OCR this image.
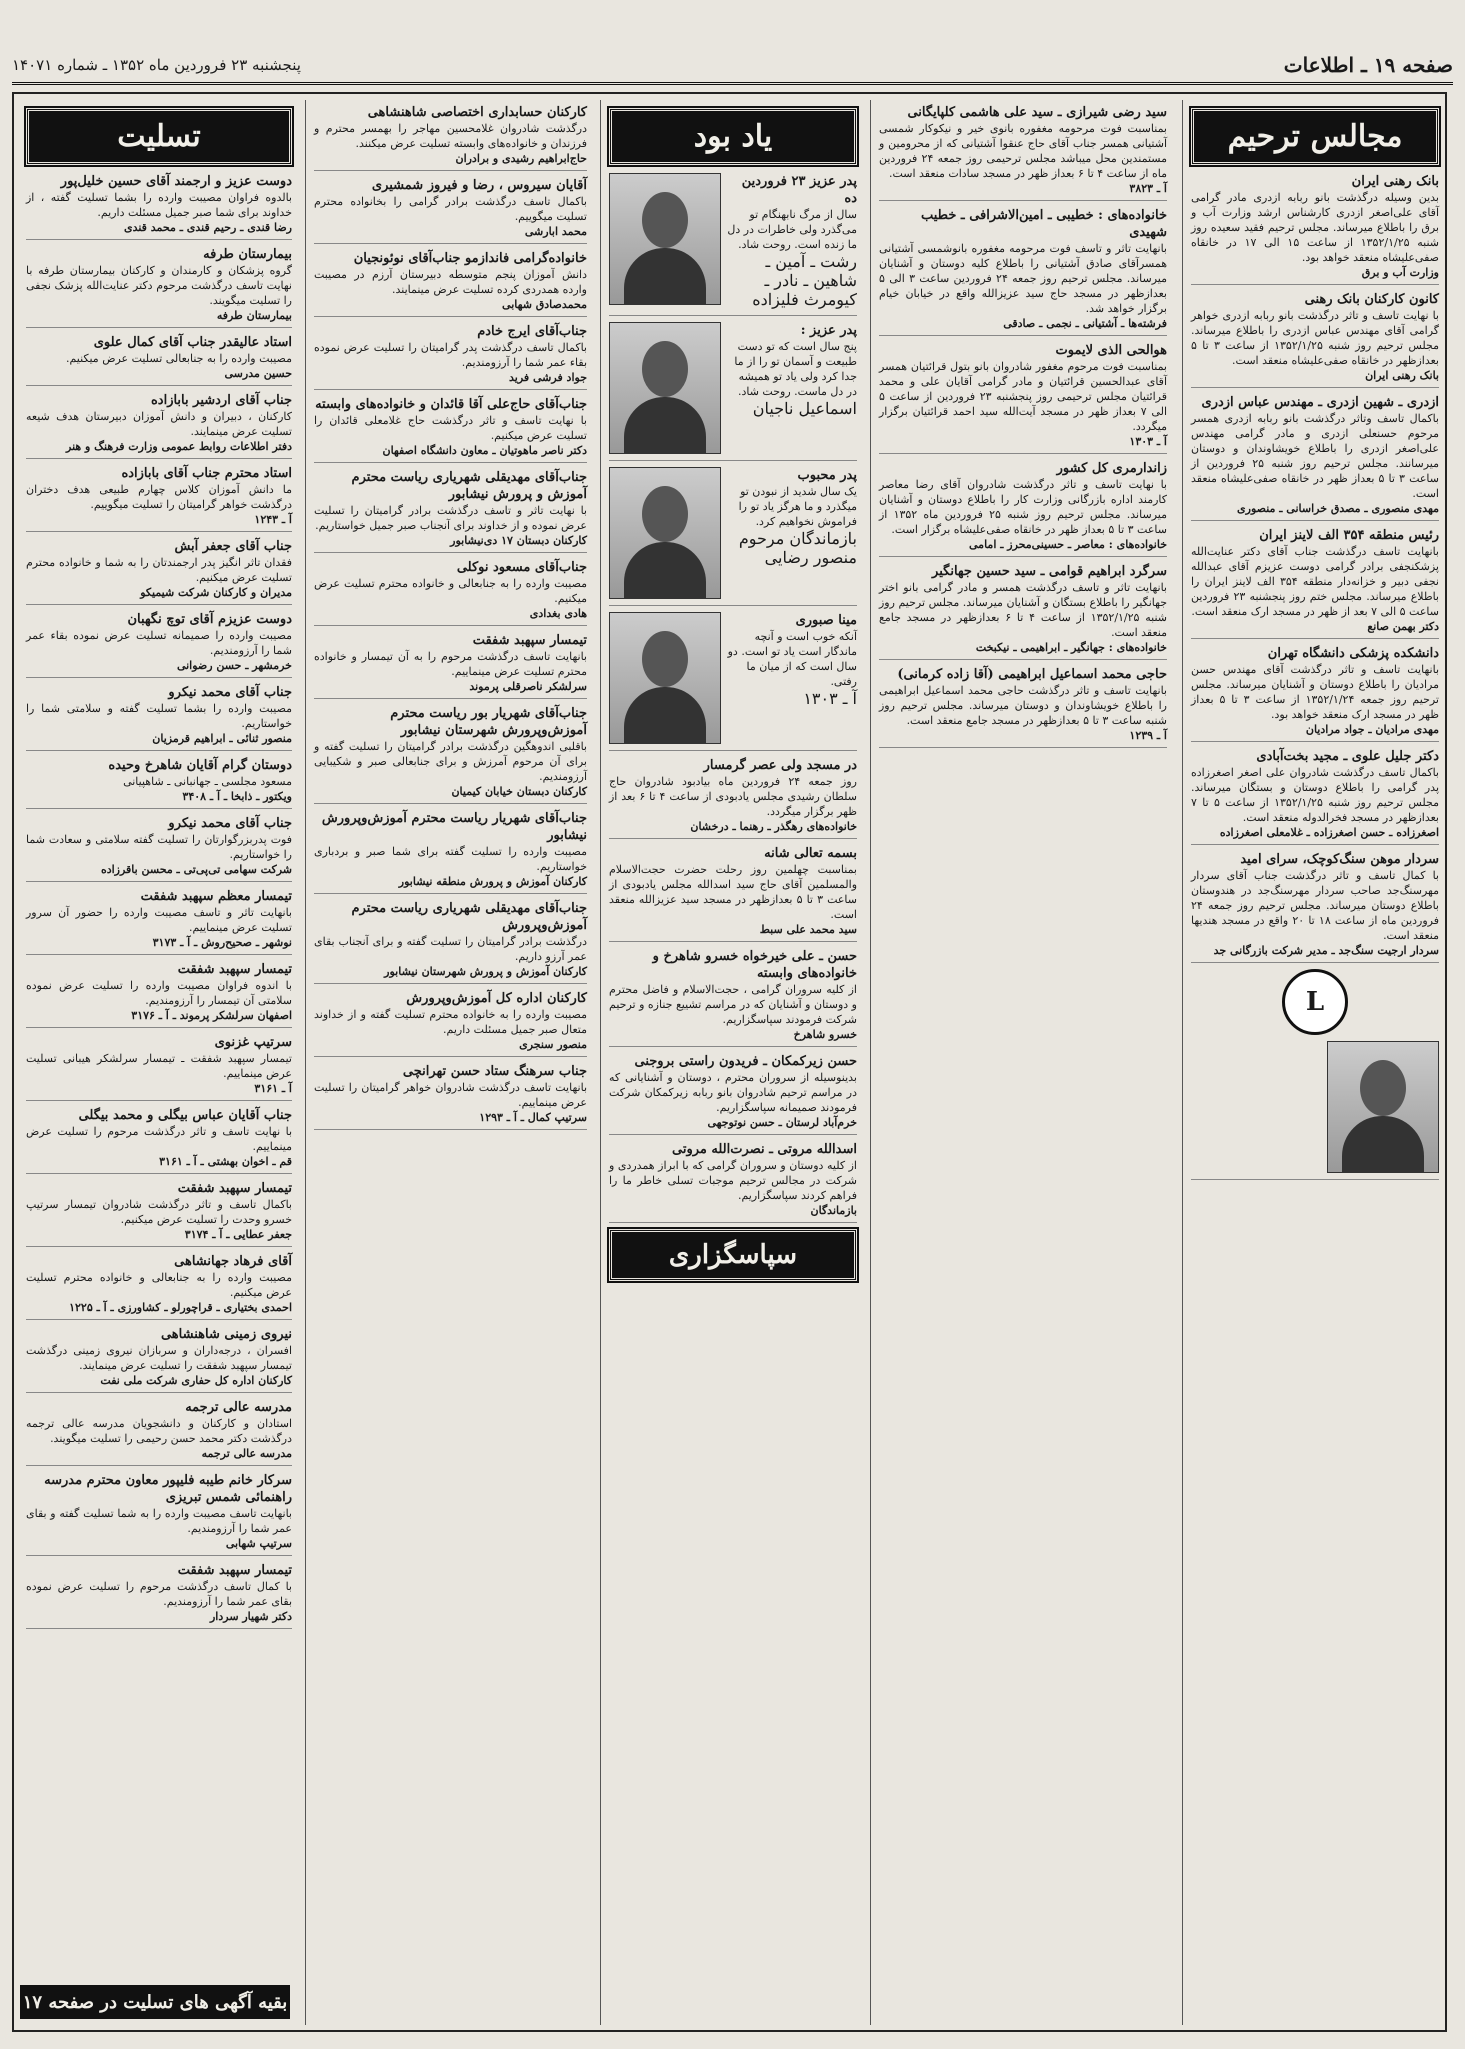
صفحه ۱۹ ـ اطلاعات
پنجشنبه ۲۳ فروردین ماه ۱۳۵۲ ـ شماره ۱۴۰۷۱
مجالس ترحیم
بانک رهنی ایران
بدین وسیله درگذشت بانو ربابه ازدری مادر گرامی آقای علی‌اصغر ازدری کارشناس ارشد وزارت آب و برق را باطلاع میرساند. مجلس ترحیم فقید سعیده روز شنبه ۱۳۵۲/۱/۲۵ از ساعت ۱۵ الی ۱۷ در خانقاه صفی‌علیشاه منعقد خواهد بود.
وزارت آب و برق
کانون کارکنان بانک رهنی
با نهایت تاسف و تاثر درگذشت بانو ربابه ازدری خواهر گرامی آقای مهندس عباس ازدری را باطلاع میرساند. مجلس ترحیم روز شنبه ۱۳۵۲/۱/۲۵ از ساعت ۳ تا ۵ بعدازظهر در خانقاه صفی‌علیشاه منعقد است.
بانک رهنی ایران
ازدری ـ شهین ازدری ـ مهندس عباس ازدری
باکمال تاسف وتاثر درگذشت بانو ربابه ازدری همسر مرحوم حسنعلی ازدری و مادر گرامی مهندس علی‌اصغر ازدری را باطلاع خویشاوندان و دوستان میرسانند. مجلس ترحیم روز شنبه ۲۵ فروردین از ساعت ۳ تا ۵ بعداز ظهر در خانقاه صفی‌علیشاه منعقد است.
مهدی منصوری ـ مصدق خراسانی ـ منصوری
رئیس منطقه ۳۵۴ الف لاینز ایران
بانهایت تاسف درگذشت جناب آقای دکتر عنایت‌الله پزشکنجفی برادر گرامی دوست عزیزم آقای عبدالله نجفی دبیر و خزانه‌دار منطقه ۳۵۴ الف لاینز ایران را باطلاع میرساند. مجلس ختم روز پنجشنبه ۲۳ فروردین ساعت ۵ الی ۷ بعد از ظهر در مسجد ارک منعقد است.
دکتر بهمن صانع
دانشکده پزشکی دانشگاه تهران
بانهایت تاسف و تاثر درگذشت آقای مهندس حسن مرادیان را باطلاع دوستان و آشنایان میرساند. مجلس ترحیم روز جمعه ۱۳۵۲/۱/۲۴ از ساعت ۳ تا ۵ بعداز ظهر در مسجد ارک منعقد خواهد بود.
مهدی مرادیان ـ جواد مرادیان
دکتر جلیل علوی ـ مجید بخت‌آبادی
باکمال تاسف درگذشت شادروان علی اصغر اصغرزاده پدر گرامی را باطلاع دوستان و بستگان میرساند. مجلس ترحیم روز شنبه ۱۳۵۲/۱/۲۵ از ساعت ۵ تا ۷ بعدازظهر در مسجد فخرالدوله منعقد است.
اصغرزاده ـ حسن اصغرزاده ـ غلامعلی اصغرزاده
سردار موهن سنگ‌کوچک، سرای امید
با کمال تاسف و تاثر درگذشت جناب آقای سردار مهرسنگ‌جد صاحب سردار مهرسنگ‌جد در هندوستان باطلاع دوستان میرساند. مجلس ترحیم روز جمعه ۲۴ فروردین ماه از ساعت ۱۸ تا ۲۰ واقع در مسجد هندیها منعقد است.
سردار ارجیت سنگ‌جد ـ مدیر شرکت بازرگانی جد
L
سید رضی شیرازی ـ سید علی هاشمی کلپایگانی
بمناسبت فوت مرحومه مغفوره بانوی خیر و نیکوکار شمسی آشتیانی همسر جناب آقای حاج عنقوا آشتیانی که از محرومین و مستمندین محل میباشد مجلس ترحیمی روز جمعه ۲۴ فروردین ماه از ساعت ۴ تا ۶ بعداز ظهر در مسجد سادات منعقد است.
آ ـ ۳۸۲۳
خانواده‌های : خطیبی ـ امین‌الاشرافی ـ خطیب شهیدی
بانهایت تاثر و تاسف فوت مرحومه مغفوره بانوشمسی آشتیانی همسرآقای صادق آشتیانی را باطلاع کلیه دوستان و آشنایان میرساند. مجلس ترحیم روز جمعه ۲۴ فروردین ساعت ۳ الی ۵ بعدازظهر در مسجد حاج سید عزیزالله واقع در خیابان خیام برگزار خواهد شد.
فرشته‌ها ـ آشتیانی ـ نجمی ـ صادقی
هوالحی الذی لایموت
بمناسبت فوت مرحوم مغفور شادروان بانو بتول قرائتیان همسر آقای عبدالحسین قرائتیان و مادر گرامی آقایان علی و محمد قرائتیان مجلس ترحیمی روز پنجشنبه ۲۳ فروردین از ساعت ۵ الی ۷ بعداز ظهر در مسجد آیت‌الله سید احمد قرائتیان برگزار میگردد.
آ ـ ۱۳۰۳
زاندارمری کل کشور
با نهایت تاسف و تاثر درگذشت شادروان آقای رضا معاصر کارمند اداره بازرگانی وزارت کار را باطلاع دوستان و آشنایان میرساند. مجلس ترحیم روز شنبه ۲۵ فروردین ماه ۱۳۵۲ از ساعت ۳ تا ۵ بعداز ظهر در خانقاه صفی‌علیشاه برگزار است.
خانواده‌های : معاصر ـ حسینی‌محرز ـ امامی
سرگرد ابراهیم قوامی ـ سید حسین جهانگیر
بانهایت تاثر و تاسف درگذشت همسر و مادر گرامی بانو اختر جهانگیر را باطلاع بستگان و آشنایان میرساند. مجلس ترحیم روز شنبه ۱۳۵۲/۱/۲۵ از ساعت ۴ تا ۶ بعدازظهر در مسجد جامع منعقد است.
خانواده‌های : جهانگیر ـ ابراهیمی ـ نیکبخت
حاجی محمد اسماعیل ابراهیمی (آقا زاده کرمانی)
بانهایت تاسف و تاثر درگذشت حاجی محمد اسماعیل ابراهیمی را باطلاع خویشاوندان و دوستان میرساند. مجلس ترحیم روز شنبه ساعت ۳ تا ۵ بعدازظهر در مسجد جامع منعقد است.
آ ـ ۱۲۳۹
یاد بود
پدر عزیز ۲۳ فروردین ده
سال از مرگ نابهنگام تو می‌گذرد ولی خاطرات در دل ما زنده است. روحت شاد.
رشت ـ آمین ـ شاهین ـ نادر ـ کیومرث فلیزاده
پدر عزیز :
پنج سال است که تو دست طبیعت و آسمان تو را از ما جدا کرد ولی یاد تو همیشه در دل ماست. روحت شاد.
اسماعیل ناجیان
پدر محبوب
یک سال شدید از نبودن تو میگذرد و ما هرگز یاد تو را فراموش نخواهیم کرد.
بازماندگان مرحوم منصور رضایی
مینا صبوری
آنکه خوب است و آنچه ماندگار است یاد تو است. دو سال است که از میان ما رفتی.
آ ـ ۱۳۰۳
در مسجد ولی عصر گرمسار
روز جمعه ۲۴ فروردین ماه بیادبود شادروان حاج سلطان رشیدی مجلس یادبودی از ساعت ۴ تا ۶ بعد از ظهر برگزار میگردد.
خانواده‌های رهگذر ـ رهنما ـ درخشان
بسمه تعالی شانه
بمناسبت چهلمین روز رحلت حضرت حجت‌الاسلام والمسلمین آقای حاج سید اسدالله مجلس یادبودی از ساعت ۳ تا ۵ بعدازظهر در مسجد سید عزیزالله منعقد است.
سید محمد علی سبط
حسن ـ علی خیرخواه خسرو شاهرخ و خانواده‌های وابسته
از کلیه سروران گرامی ، حجت‌الاسلام و فاضل محترم و دوستان و آشنایان که در مراسم تشییع جنازه و ترحیم شرکت فرمودند سپاسگزاریم.
خسرو شاهرخ
حسن زیرکمکان ـ فریدون راستی بروجنی
بدینوسیله از سروران محترم ، دوستان و آشنایانی که در مراسم ترحیم شادروان بانو ربابه زیرکمکان شرکت فرمودند صمیمانه سپاسگزاریم.
خرم‌آباد لرستان ـ حسن نوتوجهی
اسدالله مروتی ـ نصرت‌الله مروتی
از کلیه دوستان و سروران گرامی که با ابراز همدردی و شرکت در مجالس ترحیم موجبات تسلی خاطر ما را فراهم کردند سپاسگزاریم.
بازماندگان
سپاسگزاری
کارکنان حسابداری اختصاصی شاهنشاهی
درگذشت شادروان غلامحسین مهاجر را بهمسر محترم و فرزندان و خانواده‌های وابسته تسلیت عرض میکنند.
حاج‌ابراهیم رشیدی و برادران
آقایان سیروس ، رضا و فیروز شمشیری
باکمال تاسف درگذشت برادر گرامی را بخانواده محترم تسلیت میگوییم.
محمد ابارشی
خانواده‌گرامی فاندازمو جناب‌آقای نوئونجیان
دانش آموزان پنجم متوسطه دبیرستان آرزم در مصیبت وارده همدردی کرده تسلیت عرض مینمایند.
محمدصادق شهابی
جناب‌آقای ایرج خادم
باکمال تاسف درگذشت پدر گرامیتان را تسلیت عرض نموده بقاء عمر شما را آرزومندیم.
جواد فرشی فرید
جناب‌آقای حاج‌علی آقا قائدان و خانواده‌های وابسته
با نهایت تاسف و تاثر درگذشت حاج غلامعلی قائدان را تسلیت عرض میکنیم.
دکتر ناصر ماهوتیان ـ معاون دانشگاه اصفهان
جناب‌آقای مهدیقلی شهریاری ریاست محترم آموزش و پرورش نیشابور
با نهایت تاثر و تاسف درگذشت برادر گرامیتان را تسلیت عرض نموده و از خداوند برای آنجناب صبر جمیل خواستاریم.
کارکنان دبستان ۱۷ دی‌نیشابور
جناب‌آقای مسعود نوکلی
مصیبت وارده را به جنابعالی و خانواده محترم تسلیت عرض میکنیم.
هادی بغدادی
تیمسار سپهبد شفقت
بانهایت تاسف درگذشت مرحوم را به آن تیمسار و خانواده محترم تسلیت عرض مینماییم.
سرلشکر ناصرقلی پرموند
جناب‌آقای شهریار بور ریاست محترم آموزش‌وپرورش شهرستان نیشابور
باقلبی اندوهگین درگذشت برادر گرامیتان را تسلیت گفته و برای آن مرحوم آمرزش و برای جنابعالی صبر و شکیبایی آرزومندیم.
کارکنان دبستان خیابان کیمیان
جناب‌آقای شهریار ریاست محترم آموزش‌وپرورش نیشابور
مصیبت وارده را تسلیت گفته برای شما صبر و بردباری خواستاریم.
کارکنان آموزش و پرورش منطقه نیشابور
جناب‌آقای مهدیقلی شهریاری ریاست محترم آموزش‌وپرورش
درگذشت برادر گرامیتان را تسلیت گفته و برای آنجناب بقای عمر آرزو داریم.
کارکنان آموزش و پرورش شهرستان نیشابور
کارکنان اداره کل آموزش‌وپرورش
مصیبت وارده را به خانواده محترم تسلیت گفته و از خداوند متعال صبر جمیل مسئلت داریم.
منصور سنجری
جناب سرهنگ ستاد حسن تهرانچی
بانهایت تاسف درگذشت شادروان خواهر گرامیتان را تسلیت عرض مینماییم.
سرتیپ کمال ـ آ ـ ۱۲۹۳
تسلیت
دوست عزیز و ارجمند آقای حسین خلیل‌پور
بالدوه فراوان مصیبت وارده را بشما تسلیت گفته ، از خداوند برای شما صبر جمیل مسئلت داریم.
رضا قندی ـ رحیم قندی ـ محمد قندی
بیمارستان طرفه
گروه پزشکان و کارمندان و کارکنان بیمارستان طرفه با نهایت تاسف درگذشت مرحوم دکتر عنایت‌الله پزشک نجفی را تسلیت میگویند.
بیمارستان طرفه
استاد عالیقدر جناب آقای کمال علوی
مصیبت وارده را به جنابعالی تسلیت عرض میکنیم.
حسین مدرسی
جناب آقای اردشیر بابازاده
کارکنان ، دبیران و دانش آموزان دبیرستان هدف شیعه تسلیت عرض مینمایند.
دفتر اطلاعات روابط عمومی وزارت فرهنگ و هنر
استاد محترم جناب آقای بابازاده
ما دانش آموزان کلاس چهارم طبیعی هدف دختران درگذشت خواهر گرامیتان را تسلیت میگوییم.
آ ـ ۱۲۴۳
جناب آقای جعفر آبش
فقدان تاثر انگیز پدر ارجمندتان را به شما و خانواده محترم تسلیت عرض میکنیم.
مدیران و کارکنان شرکت شیمیکو
دوست عزیزم آقای توچ نگهبان
مصیبت وارده را صمیمانه تسلیت عرض نموده بقاء عمر شما را آرزومندیم.
خرمشهر ـ حسن رضوانی
جناب آقای محمد نیکرو
مصیبت وارده را بشما تسلیت گفته و سلامتی شما را خواستاریم.
منصور ثنائی ـ ابراهیم قرمزیان
دوستان گرام آقایان شاهرخ وحیده
مسعود مجلسی ـ جهانبانی ـ شاهپیانی
ویکتور ـ ذابخا ـ آ ـ ۳۴۰۸
جناب آقای محمد نیکرو
فوت پدربزرگوارتان را تسلیت گفته سلامتی و سعادت شما را خواستاریم.
شرکت سهامی تی‌پی‌تی ـ محسن باقرزاده
تیمسار معظم سپهبد شفقت
بانهایت تاثر و تاسف مصیبت وارده را حضور آن سرور تسلیت عرض مینماییم.
نوشهر ـ صحیح‌روش ـ آ ـ ۳۱۷۳
تیمسار سپهبد شفقت
با اندوه فراوان مصیبت وارده را تسلیت عرض نموده سلامتی آن تیمسار را آرزومندیم.
اصفهان سرلشکر پرموند ـ آ ـ ۳۱۷۶
سرتیپ غزنوی
تیمسار سپهبد شفقت ـ تیمسار سرلشکر هیبانی تسلیت عرض مینماییم.
آ ـ ۳۱۶۱
جناب آقایان عباس بیگلی و محمد بیگلی
با نهایت تاسف و تاثر درگذشت مرحوم را تسلیت عرض مینماییم.
قم ـ اخوان بهشتی ـ آ ـ ۳۱۶۱
تیمسار سپهبد شفقت
باکمال تاسف و تاثر درگذشت شادروان تیمسار سرتیپ خسرو وحدت را تسلیت عرض میکنیم.
جعفر عطایی ـ آ ـ ۳۱۷۴
آقای فرهاد جهانشاهی
مصیبت وارده را به جنابعالی و خانواده محترم تسلیت عرض میکنیم.
احمدی بختیاری ـ قراچورلو ـ کشاورزی ـ آ ـ ۱۲۲۵
نیروی زمینی شاهنشاهی
افسران ، درجه‌داران و سربازان نیروی زمینی درگذشت تیمسار سپهبد شفقت را تسلیت عرض مینمایند.
کارکنان اداره کل حفاری شرکت ملی نفت
مدرسه عالی ترجمه
استادان و کارکنان و دانشجویان مدرسه عالی ترجمه درگذشت دکتر محمد حسن رحیمی را تسلیت میگویند.
مدرسه عالی ترجمه
سرکار خانم طیبه فلیپور معاون محترم مدرسه راهنمائی شمس تبریزی
بانهایت تاسف مصیبت وارده را به شما تسلیت گفته و بقای عمر شما را آرزومندیم.
سرتیپ شهابی
تیمسار سپهبد شفقت
با کمال تاسف درگذشت مرحوم را تسلیت عرض نموده بقای عمر شما را آرزومندیم.
دکتر شهیار سردار
بقیه آگهی های تسلیت در صفحه ۱۷
